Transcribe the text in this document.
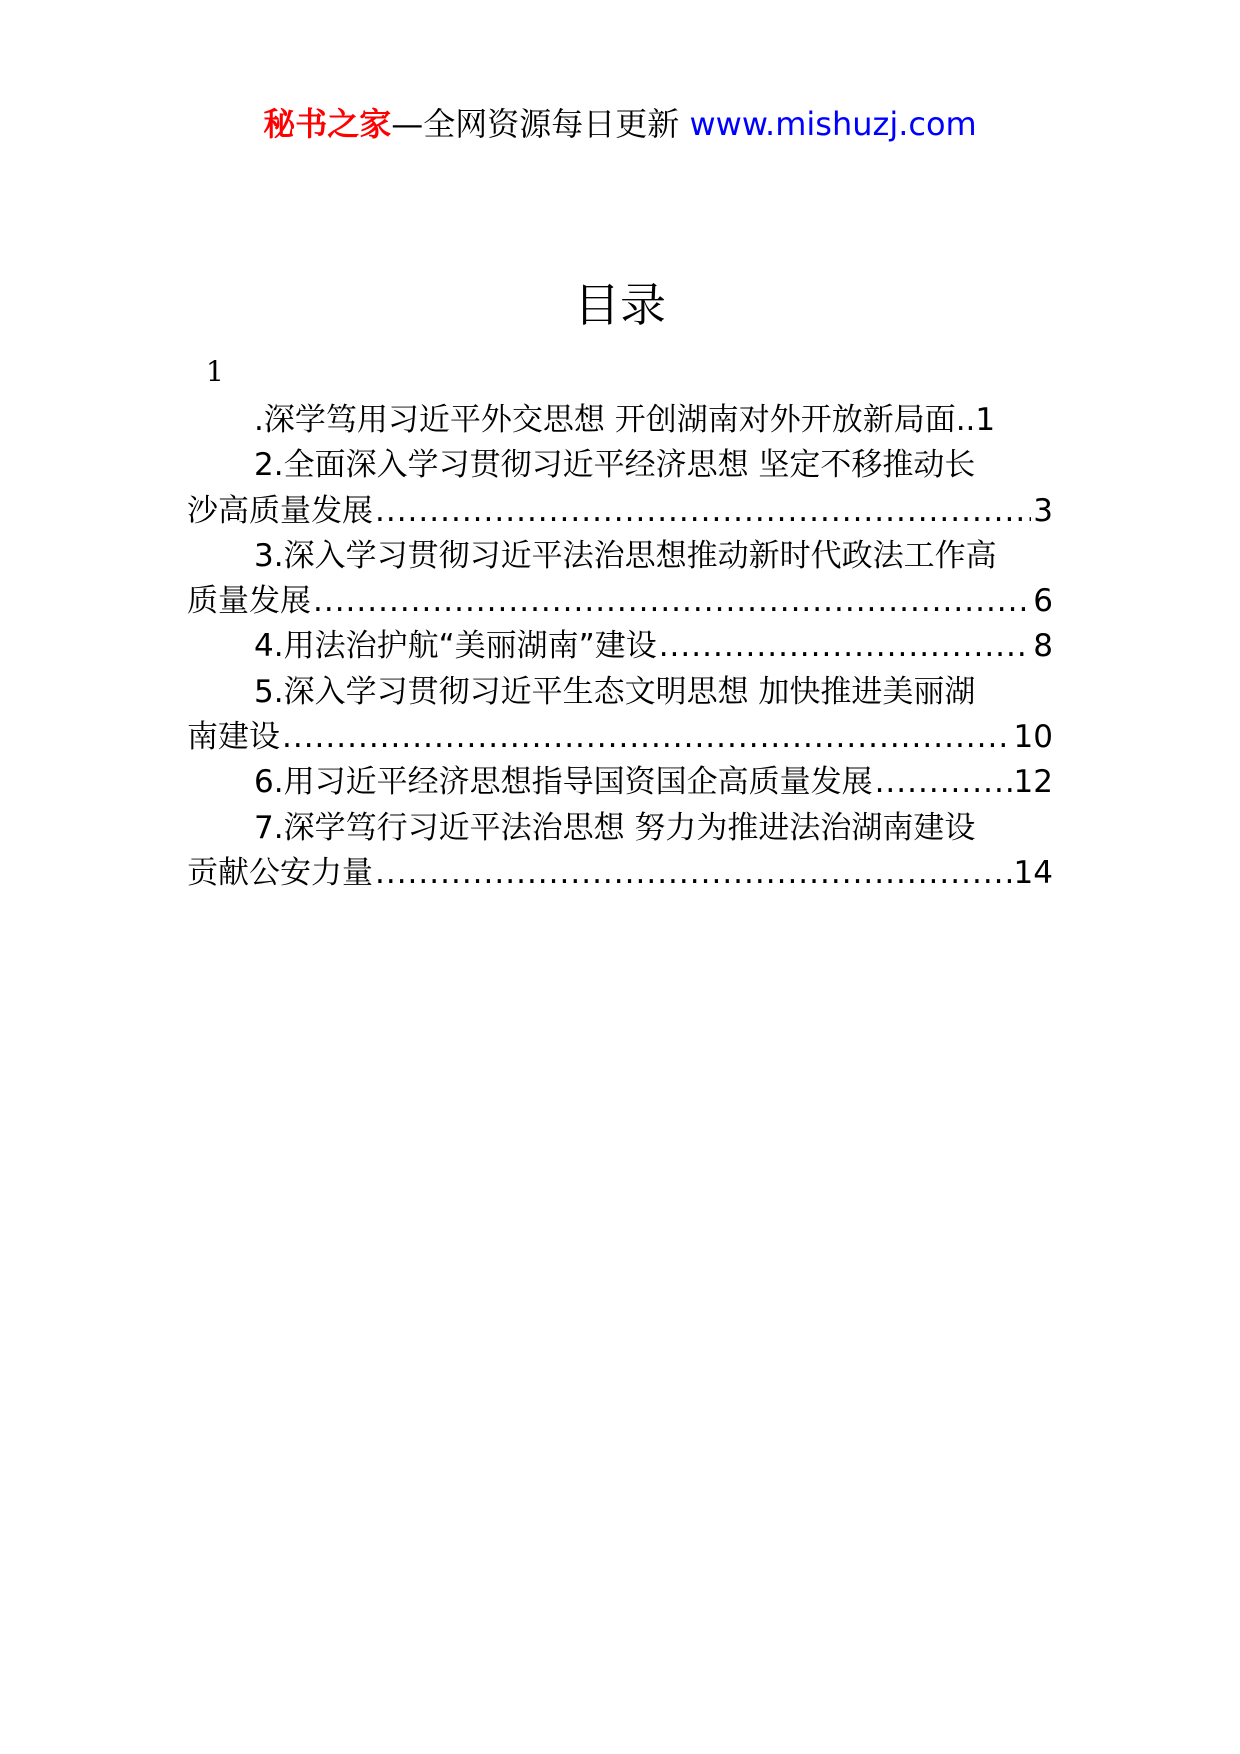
秘书之家—全网资源每日更新 www.mishuzj.com
目录
1
.深学笃用习近平外交思想 开创湖南对外开放新局面.. 1
2.全面深入学习贯彻习近平经济思想 坚定不移推动长
沙高质量发展 .....	3
3.深入学习贯彻习近平法治思想推动新时代政法工作高
质量发展 .....	6
4.用法治护航“美丽湖南”建设 .....	8
5.深入学习贯彻习近平生态文明思想 加快推进美丽湖
南建设 .....	10
6.用习近平经济思想指导国资国企高质量发展 .....	12
7.深学笃行习近平法治思想 努力为推进法治湖南建设
贡献公安力量 .....	14
